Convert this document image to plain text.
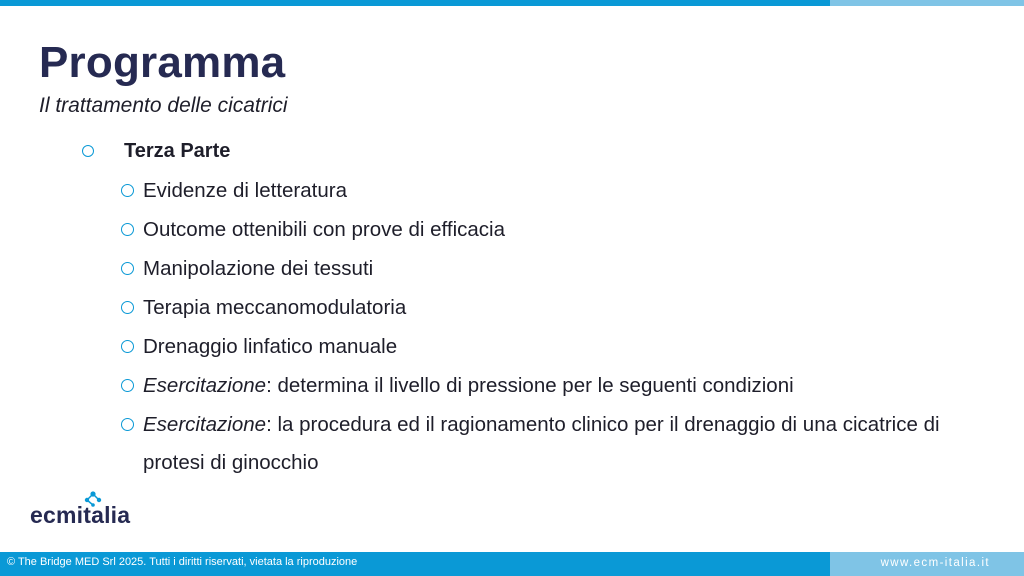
Programma

Il trattamento delle cicatrici

Terza Parte
Evidenze di letteratura
Outcome ottenibili con prove di efficacia
Manipolazione dei tessuti
Terapia meccanomodulatoria
Drenaggio linfatico manuale
Esercitazione: determina il livello di pressione per le seguenti condizioni
Esercitazione: la procedura ed il ragionamento clinico per il drenaggio di una cicatrice di protesi di ginocchio
ecmitalia
© The Bridge MED Srl 2025. Tutti i diritti riservati, vietata la riproduzione	www.ecm-italia.it
